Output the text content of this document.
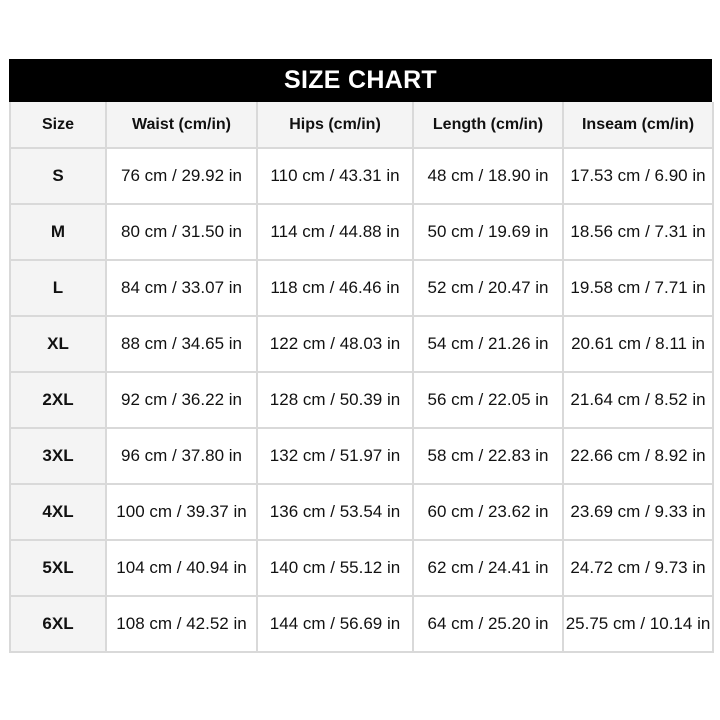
SIZE CHART
Size	Waist (cm/in)	Hips (cm/in)	Length (cm/in)	Inseam (cm/in)
S	76 cm / 29.92 in	110 cm / 43.31 in	48 cm / 18.90 in	17.53 cm / 6.90 in
M	80 cm / 31.50 in	114 cm / 44.88 in	50 cm / 19.69 in	18.56 cm / 7.31 in
L	84 cm / 33.07 in	118 cm / 46.46 in	52 cm / 20.47 in	19.58 cm / 7.71 in
XL	88 cm / 34.65 in	122 cm / 48.03 in	54 cm / 21.26 in	20.61 cm / 8.11 in
2XL	92 cm / 36.22 in	128 cm / 50.39 in	56 cm / 22.05 in	21.64 cm / 8.52 in
3XL	96 cm / 37.80 in	132 cm / 51.97 in	58 cm / 22.83 in	22.66 cm / 8.92 in
4XL	100 cm / 39.37 in	136 cm / 53.54 in	60 cm / 23.62 in	23.69 cm / 9.33 in
5XL	104 cm / 40.94 in	140 cm / 55.12 in	62 cm / 24.41 in	24.72 cm / 9.73 in
6XL	108 cm / 42.52 in	144 cm / 56.69 in	64 cm / 25.20 in	25.75 cm / 10.14 in
